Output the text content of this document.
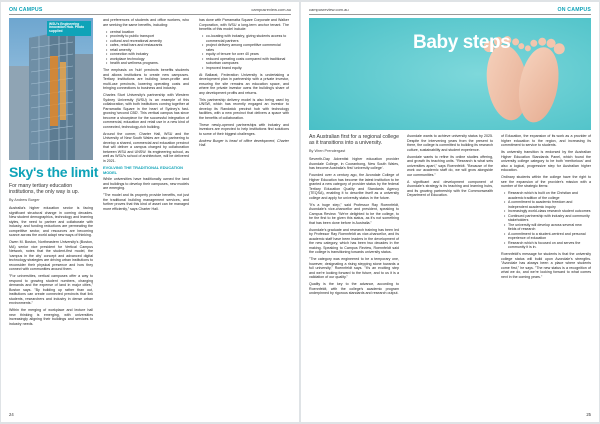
ON CAMPUS	campusreview.com.au
WSU's Engineering Innovation Hub. Photo supplied
Sky's the limit
For many tertiary education institutions, the only way is up.
By Andrew Burger

Australia's higher education sector is facing significant structural change in coming decades. New student demographics, technology and learning styles, the need to partner and collaborate with industry, and funding reductions are permeating the competitive sector, and resources are becoming scarce across the world adapt new ways of thinking.

Owen M. Boston, Northeastern University's (Boston, MA) senior vice president for Vertical Campus Network, notes that the student-first model, the 'campus in the city' concept and advanced digital technology strategies are driving urban institutions to reconsider their physical presence and how they connect with communities around them.

"For universities, vertical campuses offer a way to respond to growing student numbers, changing demands and the expense of land in major cities," Boston says. "By building up rather than out, institutions can create connected precincts that link students, researchers and industry in dense urban environments."

Within the merging of workplace and lecture hall new thinking is emerging, with universities increasingly aligning their buildings and services to industry needs.

and preferences of students and office workers, who are seeking the same benefits, including:

• central location
• proximity to public transport
• cultural and recreational amenity
• cafes, retail bars and restaurants
• retail amenity
• connection with industry
• workplace technology
• health and wellness programs.

The emphasis on 'hub' precincts benefits students and allows institutions to create new campuses. Tertiary institutions are building lower-profile and multi-use precincts, lowering operating costs and bringing connections to business and industry.

Charles Sturt University's partnership with Western Sydney University (WSU) is an example of this collaboration, with both institutions coming together at Parramatta Square in the heart of Sydney's fast-growing 'second CBD'. This vertical campus has since become a showpiece for the successful integration of commercial, education and retail use in a new kind of connected, technology-rich building.

Around the corner, Charter Hall, WSU and the University of New South Wales are also partnering to develop a shared, commercial and education precinct that will deliver a campus charged by collaboration between WSU and UNSW. Its engineering school, as well as WSU's school of architecture, will be delivered in 2021.

EVOLVING THE TRADITIONAL EDUCATION MODEL

While universities have traditionally owned the land and buildings to develop their campuses, new models are emerging.

"The model and its property provide benefits, not just the traditional building management services, and further proves that this kind of asset can be managed more efficiently," says Charter Hall.

has done with Parramatta Square Corporate and Walker Corporation, with WSU a long-term anchor tenant. The benefits of this model include:

• co-locating with industry, giving students access to commercial partners
• project delivery among competitive commercial rates
• equity of tenure for over 40 years
• reduced operating costs compared with traditional suburban campuses
• improved brand equity.

At Ballarat, Federation University is undertaking a development plan in partnership with a private investor, ensuring the site remains an education space, and where the private investor owns the building's share of any development profits and returns.

This partnership delivery model is also being used by UNSW, which has recently engaged an investor to develop its Randwick precinct hub with technology facilities, with a new precinct that delivers a space with the benefits of collaboration.

These newly-opened partnerships with industry and investors are expected to help institutions find solutions to some of their biggest challenges.

Andrew Burger is head of office development, Charter Hall.

24
campusreview.com.au	ON CAMPUS
Baby steps
An Australian first for a regional college as it transitions into a university.
By Wren Prendergast

Seventh-Day Adventist higher education provider Avondale College, in Cooranbong, New South Wales, has become Australia's first 'university college'.

Founded over a century ago, the Avondale College of Higher Education has become the latest institution to be granted a new category of provider status by the federal Tertiary Education Quality and Standards Agency (TEQSA), enabling it to describe itself as a university college and apply for university status in the future.

"It's a huge step," said Professor Ray Roennfeldt, Avondale's vice-chancellor and president, speaking to Campus Review. "We're delighted to be the college, to be the first to be given this status, as it's not something that has been done before in Australia."

Avondale's graduate and research training has been led by Professor Ray Roennfeldt as vice-chancellor, and its academic staff have been leaders in the development of the new category, which has been two decades in the making. Speaking to Campus Review, Roennfeldt said the college is transitioning towards university status.

"The category was engineered to be a temporary one, however, designating a rising stepping stone towards a full university," Roennfeldt says. "It's an exciting step and we're looking forward to the future, and to us it is a validation of our quality."

Quality is the key to the advance, according to Roennfeldt, with the college's academic program underpinned by rigorous standards and research output.

Avondale wants to achieve university status by 2025. Despite the intervening years from the present to there, the college is committed to building its research culture, sustainability and student experience.

Avondale wants to refine its online studies offering, and growth its teaching units. "Research is what sets universities apart," says Roennfeldt. "Because of the work our academic staff do, we will grow alongside our communities."

A significant and development component of Avondale's strategy is its teaching and learning hubs, and its growing partnership with the Commonwealth Department of Education.

of Education, the expansion of its work as a provider of higher education to the region, and increasing its commitment to service to students.

Its university transition is endorsed by the Australian Higher Education Standards Panel, which found the university college category to be both 'meritorious' and also a logical, progressive step for Australian higher education.

Ordinary students within the college have the right to see the expansion of the provider's mission with a number of the strategic items:

• Research which is built on the Christian and academic tradition of the college
• A commitment to academic freedom and independent academic inquiry
• Increasingly world-class research student outcomes
• Continued partnership with industry and community stakeholders
• The university will develop across several new fields of research
• A commitment to a student-centred and personal experience of education
• Research which is focused on and serves the community it is in.

Roennfeldt's message for students is that the university college status will build upon Avondale's strengths. "Avondale has always been a place where students come first," he says. "The new status is a recognition of what we do, and we're looking forward to what comes next in the coming years."

25
